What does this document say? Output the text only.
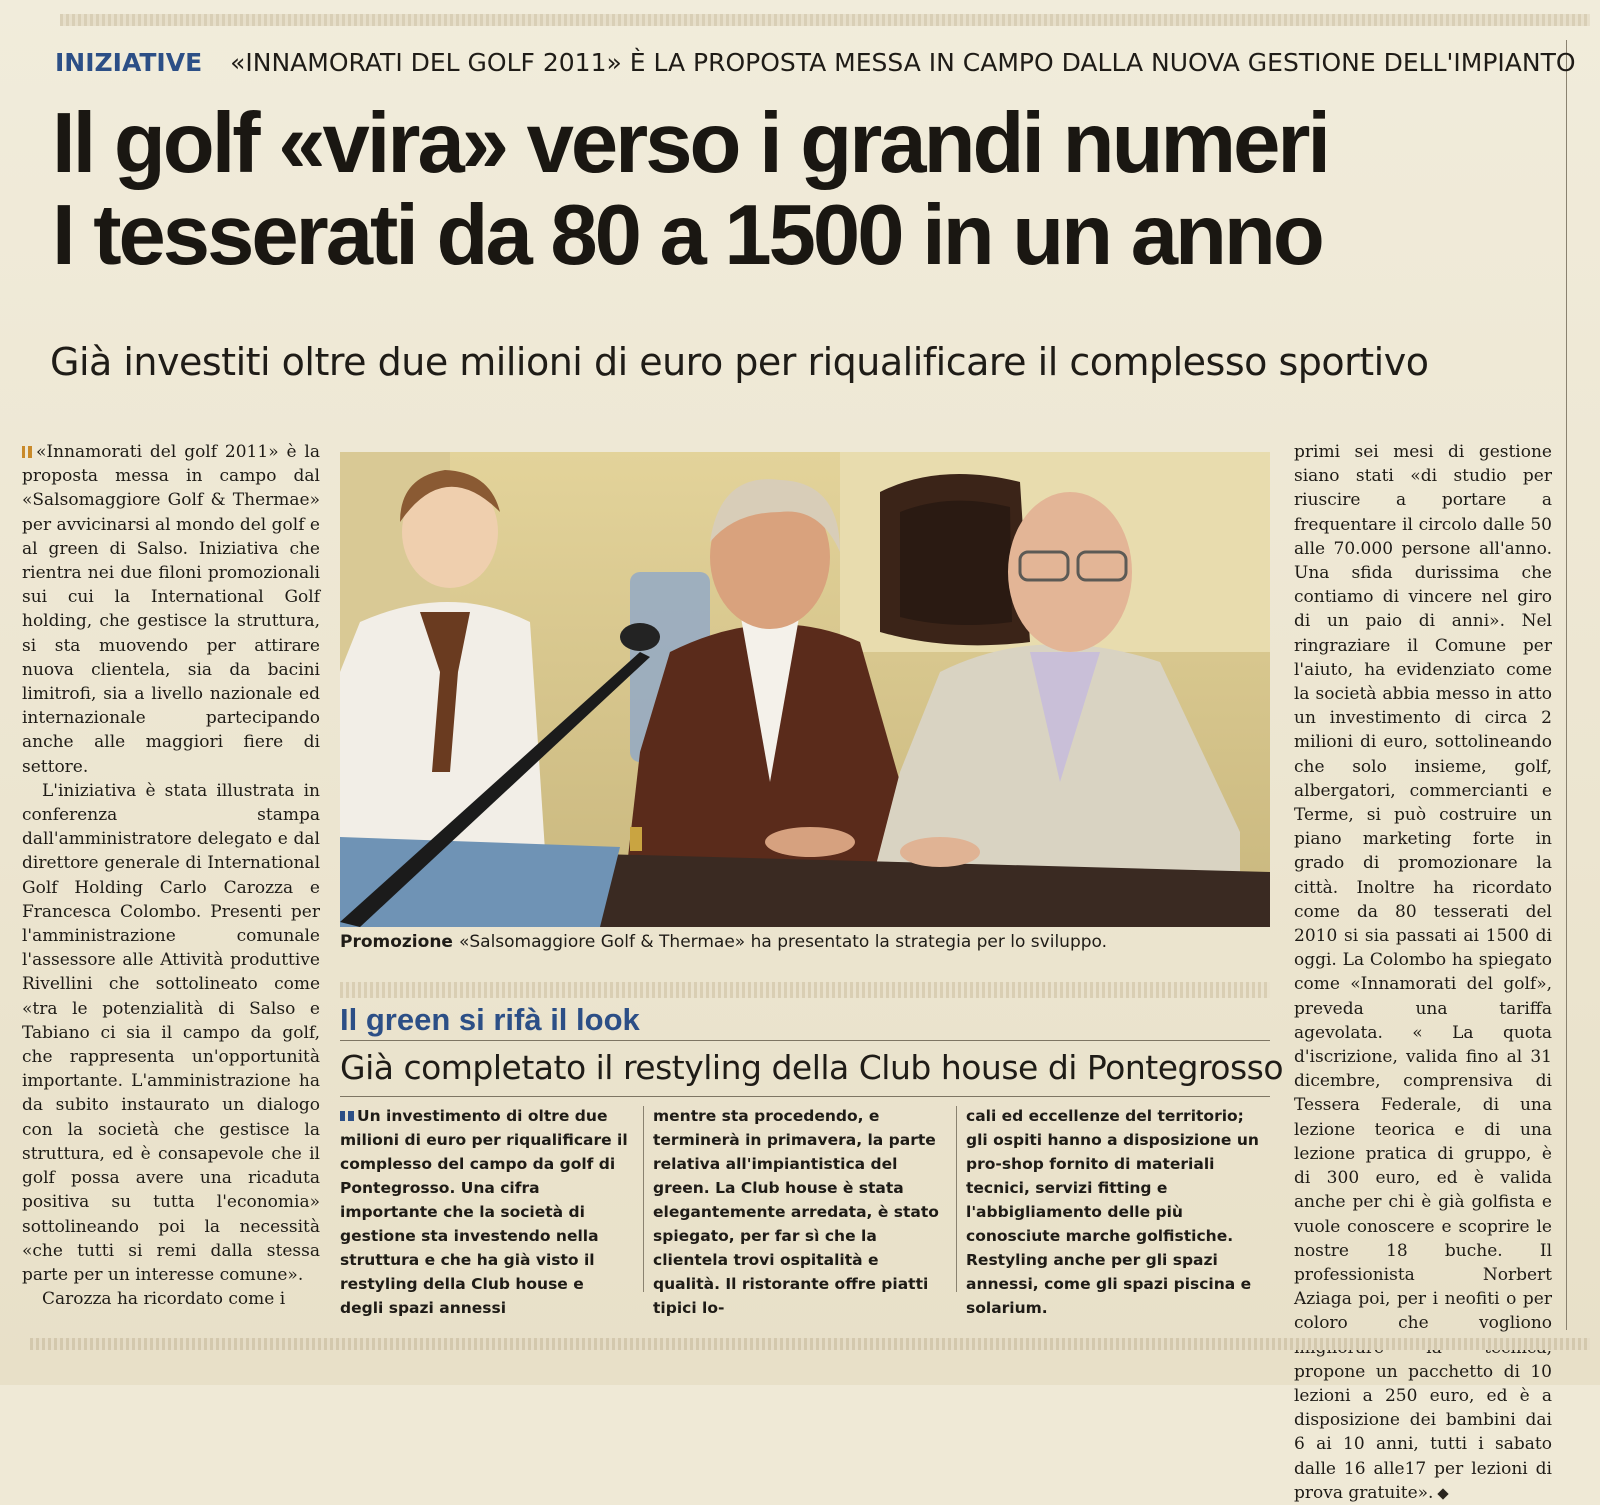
INIZIATIVE «INNAMORATI DEL GOLF 2011» È LA PROPOSTA MESSA IN CAMPO DALLA NUOVA GESTIONE DELL'IMPIANTO
Il golf «vira» verso i grandi numeri
I tesserati da 80 a 1500 in un anno
Già investiti oltre due milioni di euro per riqualificare il complesso sportivo

«Innamorati del golf 2011» è la proposta messa in campo dal «Salsomaggiore Golf & Thermae» per avvicinarsi al mondo del golf e al green di Salso. Iniziativa che rientra nei due filoni promozionali sui cui la International Golf holding, che gestisce la struttura, si sta muovendo per attirare nuova clientela, sia da bacini limitrofi, sia a livello nazionale ed internazionale partecipando anche alle maggiori fiere di settore.

L'iniziativa è stata illustrata in conferenza stampa dall'amministratore delegato e dal direttore generale di International Golf Holding Carlo Carozza e Francesca Colombo. Presenti per l'amministrazione comunale l'assessore alle Attività produttive Rivellini che sottolineato come «tra le potenzialità di Salso e Tabiano ci sia il campo da golf, che rappresenta un'opportunità importante. L'amministrazione ha da subito instaurato un dialogo con la società che gestisce la struttura, ed è consapevole che il golf possa avere una ricaduta positiva su tutta l'economia» sottolineando poi la necessità «che tutti si remi dalla stessa parte per un interesse comune».

Carozza ha ricordato come i

Promozione «Salsomaggiore Golf & Thermae» ha presentato la strategia per lo sviluppo.
Il green si rifà il look
Già completato il restyling della Club house di Pontegrosso

Un investimento di oltre due milioni di euro per riqualificare il complesso del campo da golf di Pontegrosso. Una cifra importante che la società di gestione sta investendo nella struttura e che ha già visto il restyling della Club house e degli spazi annessi

mentre sta procedendo, e terminerà in primavera, la parte relativa all'impiantistica del green. La Club house è stata elegantemente arredata, è stato spiegato, per far sì che la clientela trovi ospitalità e qualità. Il ristorante offre piatti tipici lo-

cali ed eccellenze del territorio; gli ospiti hanno a disposizione un pro-shop fornito di materiali tecnici, servizi fitting e l'abbigliamento delle più conosciute marche golfistiche. Restyling anche per gli spazi annessi, come gli spazi piscina e solarium.

primi sei mesi di gestione siano stati «di studio per riuscire a portare a frequentare il circolo dalle 50 alle 70.000 persone all'anno. Una sfida durissima che contiamo di vincere nel giro di un paio di anni». Nel ringraziare il Comune per l'aiuto, ha evidenziato come la società abbia messo in atto un investimento di circa 2 milioni di euro, sottolineando che solo insieme, golf, albergatori, commercianti e Terme, si può costruire un piano marketing forte in grado di promozionare la città. Inoltre ha ricordato come da 80 tesserati del 2010 si sia passati ai 1500 di oggi. La Colombo ha spiegato come «Innamorati del golf», preveda una tariffa agevolata. « La quota d'iscrizione, valida fino al 31 dicembre, comprensiva di Tessera Federale, di una lezione teorica e di una lezione pratica di gruppo, è di 300 euro, ed è valida anche per chi è già golfista e vuole conoscere e scoprire le nostre 18 buche. Il professionista Norbert Aziaga poi, per i neofiti o per coloro che vogliono propone un pacchetto di 10 lezioni a 250 euro, ed è a disposizione dei bambini dai 6 ai 10 anni, tutti i sabato dalle 16 alle17 per lezioni di prova gratuite».
